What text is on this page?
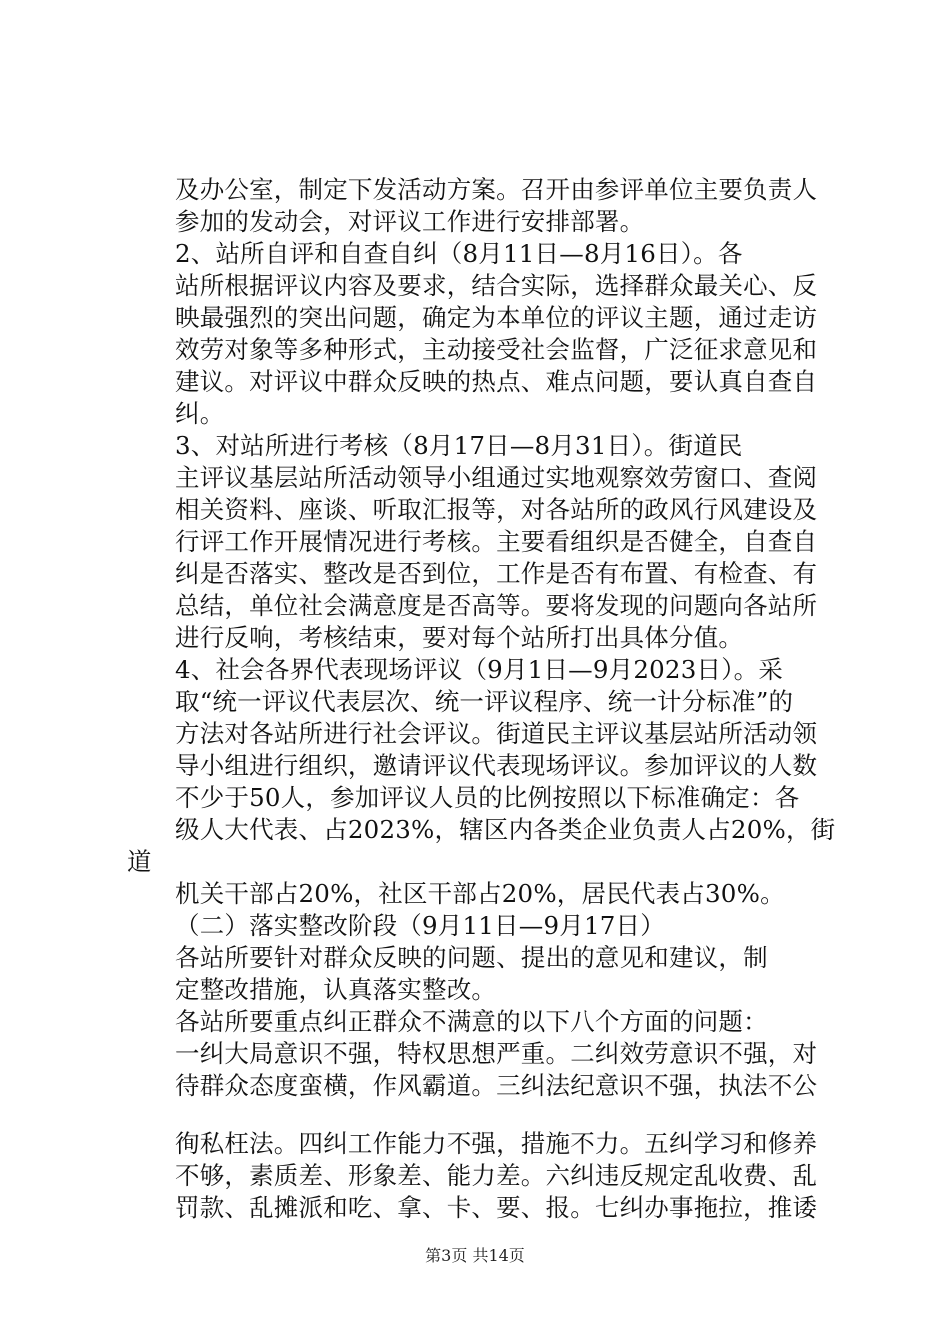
及办公室，制定下发活动方案。召开由参评单位主要负责人
参加的发动会，对评议工作进行安排部署。
2、站所自评和自查自纠（8月11日—8月16日）。各
站所根据评议内容及要求，结合实际，选择群众最关心、反
映最强烈的突出问题，确定为本单位的评议主题，通过走访
效劳对象等多种形式，主动接受社会监督，广泛征求意见和
建议。对评议中群众反映的热点、难点问题，要认真自查自
纠。
3、对站所进行考核（8月17日—8月31日）。街道民
主评议基层站所活动领导小组通过实地观察效劳窗口、查阅
相关资料、座谈、听取汇报等，对各站所的政风行风建设及
行评工作开展情况进行考核。主要看组织是否健全，自查自
纠是否落实、整改是否到位，工作是否有布置、有检查、有
总结，单位社会满意度是否高等。要将发现的问题向各站所
进行反响，考核结束，要对每个站所打出具体分值。
4、社会各界代表现场评议（9月1日—9月2023日）。采
取“统一评议代表层次、统一评议程序、统一计分标准”的
方法对各站所进行社会评议。街道民主评议基层站所活动领
导小组进行组织，邀请评议代表现场评议。参加评议的人数
不少于50人，参加评议人员的比例按照以下标准确定：各
级人大代表、占2023%，辖区内各类企业负责人占20%，街
道
机关干部占20%，社区干部占20%，居民代表占30%。
（二）落实整改阶段（9月11日—9月17日）
各站所要针对群众反映的问题、提出的意见和建议，制
定整改措施，认真落实整改。
各站所要重点纠正群众不满意的以下八个方面的问题：
一纠大局意识不强，特权思想严重。二纠效劳意识不强，对
待群众态度蛮横，作风霸道。三纠法纪意识不强，执法不公
徇私枉法。四纠工作能力不强，措施不力。五纠学习和修养
不够，素质差、形象差、能力差。六纠违反规定乱收费、乱
罚款、乱摊派和吃、拿、卡、要、报。七纠办事拖拉，推诿
第3页 共14页
